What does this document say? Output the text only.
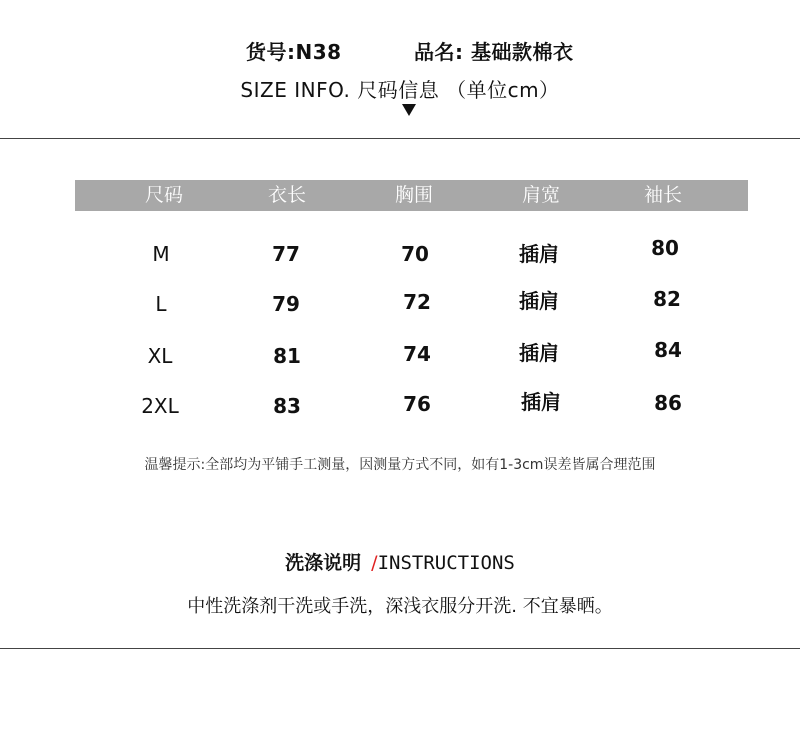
货号:N38	品名: 基础款棉衣
SIZE INFO. 尺码信息 （单位cm）
尺码	衣长	胸围	肩宽	袖长
M	77	70	插肩	80
L	79	72	插肩	82
XL	81	74	插肩	84
2XL	83	76	插肩	86
温馨提示:全部均为平铺手工测量，因测量方式不同，如有1-3cm误差皆属合理范围
洗涤说明 /INSTRUCTIONS
中性洗涤剂干洗或手洗，深浅衣服分开洗. 不宜暴晒。
